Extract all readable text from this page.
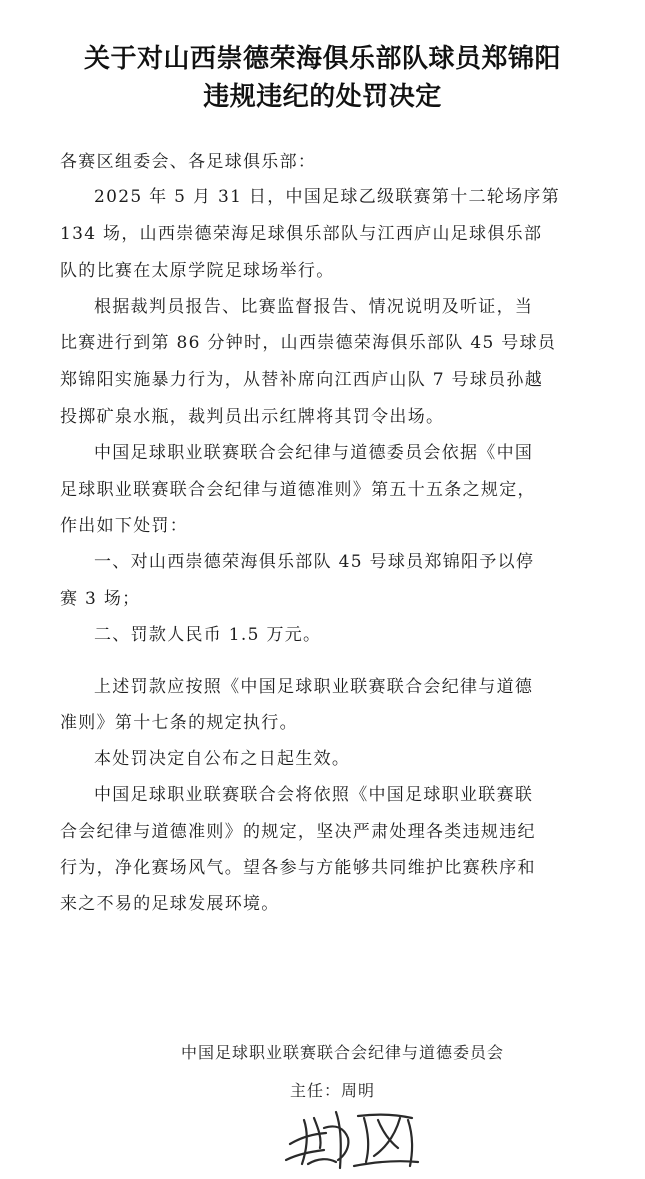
关于对山西崇德荣海俱乐部队球员郑锦阳
违规违纪的处罚决定
各赛区组委会、各足球俱乐部：
2025 年 5 月 31 日，中国足球乙级联赛第十二轮场序第
134 场，山西崇德荣海足球俱乐部队与江西庐山足球俱乐部
队的比赛在太原学院足球场举行。
根据裁判员报告、比赛监督报告、情况说明及听证，当
比赛进行到第 86 分钟时，山西崇德荣海俱乐部队 45 号球员
郑锦阳实施暴力行为，从替补席向江西庐山队 7 号球员孙越
投掷矿泉水瓶，裁判员出示红牌将其罚令出场。
中国足球职业联赛联合会纪律与道德委员会依据《中国
足球职业联赛联合会纪律与道德准则》第五十五条之规定，
作出如下处罚：
一、对山西崇德荣海俱乐部队 45 号球员郑锦阳予以停
赛 3 场；
二、罚款人民币 1.5 万元。
上述罚款应按照《中国足球职业联赛联合会纪律与道德
准则》第十七条的规定执行。
本处罚决定自公布之日起生效。
中国足球职业联赛联合会将依照《中国足球职业联赛联
合会纪律与道德准则》的规定，坚决严肃处理各类违规违纪
行为，净化赛场风气。望各参与方能够共同维护比赛秩序和
来之不易的足球发展环境。
中国足球职业联赛联合会纪律与道德委员会
主任：周明
